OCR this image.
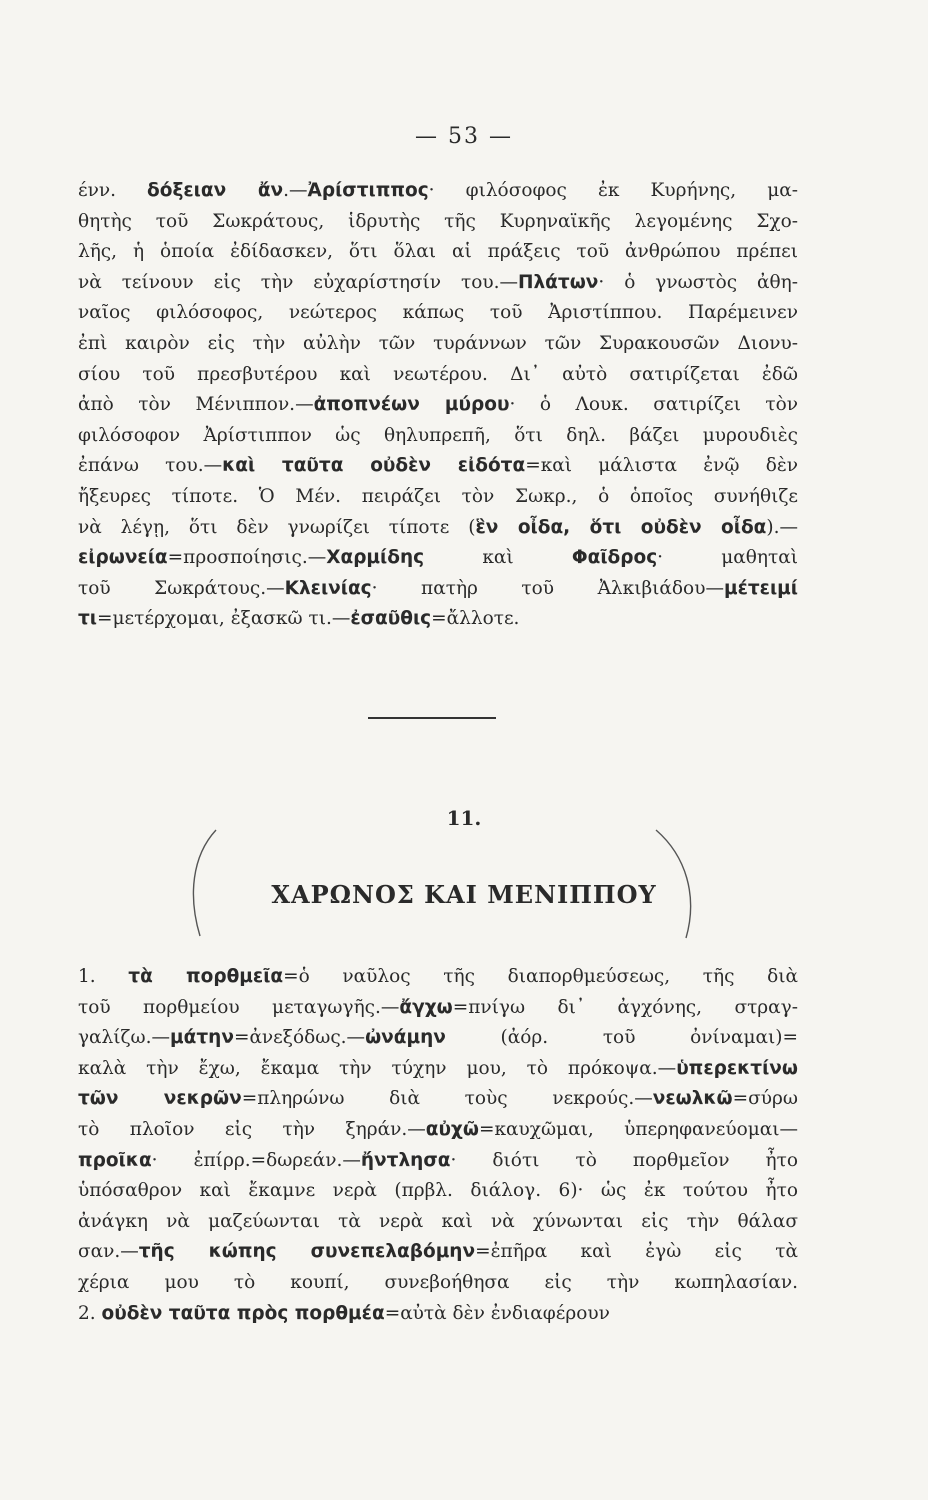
— 53 —
ένν. δόξειαν ἄν.—Ἀρίστιππος· φιλόσοφος ἐκ Κυρήνης, μα-
θητὴς τοῦ Σωκράτους, ἱδρυτὴς τῆς Κυρηναϊκῆς λεγομένης Σχο-
λῆς, ἡ ὁποία ἐδίδασκεν, ὅτι ὅλαι αἱ πράξεις τοῦ ἀνθρώπου πρέπει
νὰ τείνουν εἰς τὴν εὐχαρίστησίν του.—Πλάτων· ὁ γνωστὸς ἀθη-
ναῖος φιλόσοφος, νεώτερος κάπως τοῦ Ἀριστίππου. Παρέμεινεν
ἐπὶ καιρὸν εἰς τὴν αὐλὴν τῶν τυράννων τῶν Συρακουσῶν Διονυ-
σίου τοῦ πρεσβυτέρου καὶ νεωτέρου. Δι᾽ αὐτὸ σατιρίζεται ἐδῶ
ἀπὸ τὸν Μένιππον.—ἀποπνέων μύρου· ὁ Λουκ. σατιρίζει τὸν
φιλόσοφον Ἀρίστιππον ὡς θηλυπρεπῆ, ὅτι δηλ. βάζει μυρουδιὲς
ἐπάνω του.—καὶ ταῦτα οὐδὲν εἰδότα=καὶ μάλιστα ἐνῷ δὲν
ἤξευρες τίποτε. Ὁ Μέν. πειράζει τὸν Σωκρ., ὁ ὁποῖος συνήθιζε
νὰ λέγῃ, ὅτι δὲν γνωρίζει τίποτε (ἓν οἶδα, ὅτι οὐδὲν οἶδα).—
εἰρωνεία=προσποίησις.—Χαρμίδης καὶ Φαῖδρος· μαθηταὶ
τοῦ Σωκράτους.—Κλεινίας· πατὴρ τοῦ Ἀλκιβιάδου—μέτειμί
τι=μετέρχομαι, ἐξασκῶ τι.—ἐσαῦθις=ἄλλοτε.
11.
ΧΑΡΩΝΟΣ ΚΑΙ ΜΕΝΙΠΠΟΥ
1. τὰ πορθμεῖα=ὁ ναῦλος τῆς διαπορθμεύσεως, τῆς διὰ
τοῦ πορθμείου μεταγωγῆς.—ἄγχω=πνίγω δι᾽ ἀγχόνης, στραγ-
γαλίζω.—μάτην=ἀνεξόδως.—ὠνάμην (ἀόρ. τοῦ ὀνίναμαι)=
καλὰ τὴν ἔχω, ἔκαμα τὴν τύχην μου, τὸ πρόκοψα.—ὑπερεκτίνω
τῶν νεκρῶν=πληρώνω διὰ τοὺς νεκρούς.—νεωλκῶ=σύρω
τὸ πλοῖον εἰς τὴν ξηράν.—αὐχῶ=καυχῶμαι, ὑπερηφανεύομαι—
προῖκα· ἐπίρρ.=δωρεάν.—ἤντλησα· διότι τὸ πορθμεῖον ἦτο
ὑπόσαθρον καὶ ἔκαμνε νερὰ (πρβλ. διάλογ. 6)· ὡς ἐκ τούτου ἦτο
ἀνάγκη νὰ μαζεύωνται τὰ νερὰ καὶ νὰ χύνωνται εἰς τὴν θάλασ
σαν.—τῆς κώπης συνεπελαβόμην=ἐπῆρα καὶ ἐγὼ εἰς τὰ
χέρια μου τὸ κουπί, συνεβοήθησα εἰς τὴν κωπηλασίαν.
2. οὐδὲν ταῦτα πρὸς πορθμέα=αὐτὰ δὲν ἐνδιαφέρουν
